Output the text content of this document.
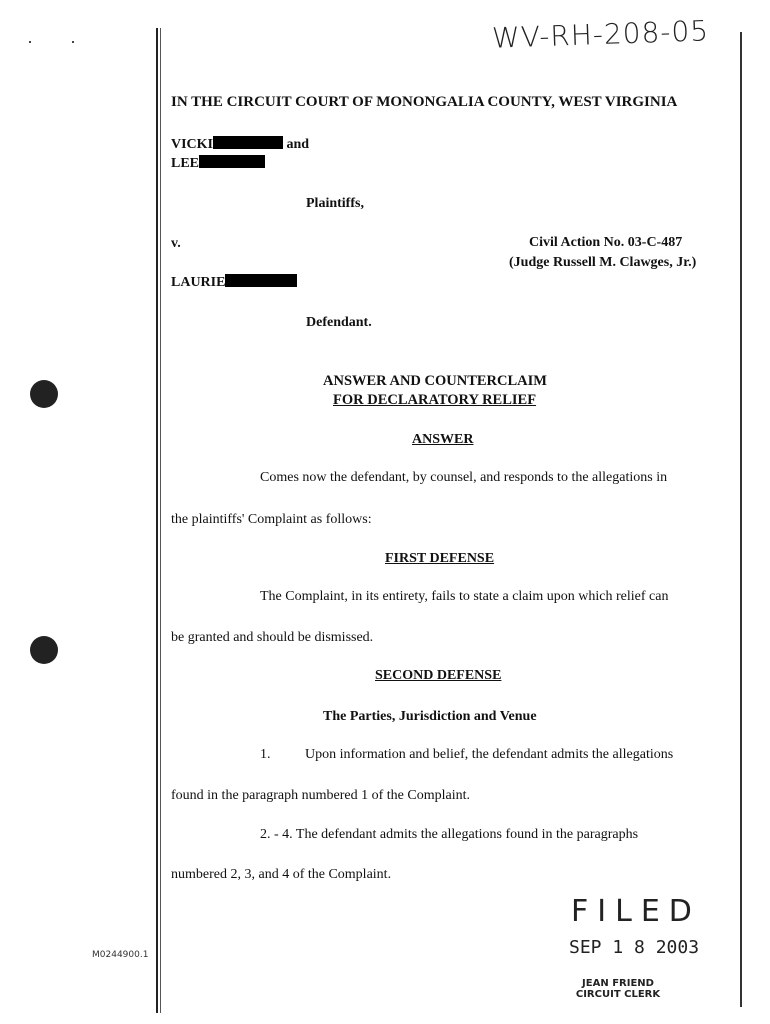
WV-RH-208-05
IN THE CIRCUIT COURT OF MONONGALIA COUNTY, WEST VIRGINIA
VICKI	and
LEE
Plaintiffs,
v.	Civil Action No. 03-C-487
(Judge Russell M. Clawges, Jr.)
LAURIE
Defendant.
ANSWER AND COUNTERCLAIM
FOR DECLARATORY RELIEF
ANSWER
Comes now the defendant, by counsel, and responds to the allegations in
the plaintiffs' Complaint as follows:
FIRST DEFENSE
The Complaint, in its entirety, fails to state a claim upon which relief can
be granted and should be dismissed.
SECOND DEFENSE
The Parties, Jurisdiction and Venue
1. Upon information and belief, the defendant admits the allegations
found in the paragraph numbered 1 of the Complaint.
2. - 4. The defendant admits the allegations found in the paragraphs
numbered 2, 3, and 4 of the Complaint.
FILED
SEP 1 8 2003
JEAN FRIEND
CIRCUIT CLERK
M0244900.1
